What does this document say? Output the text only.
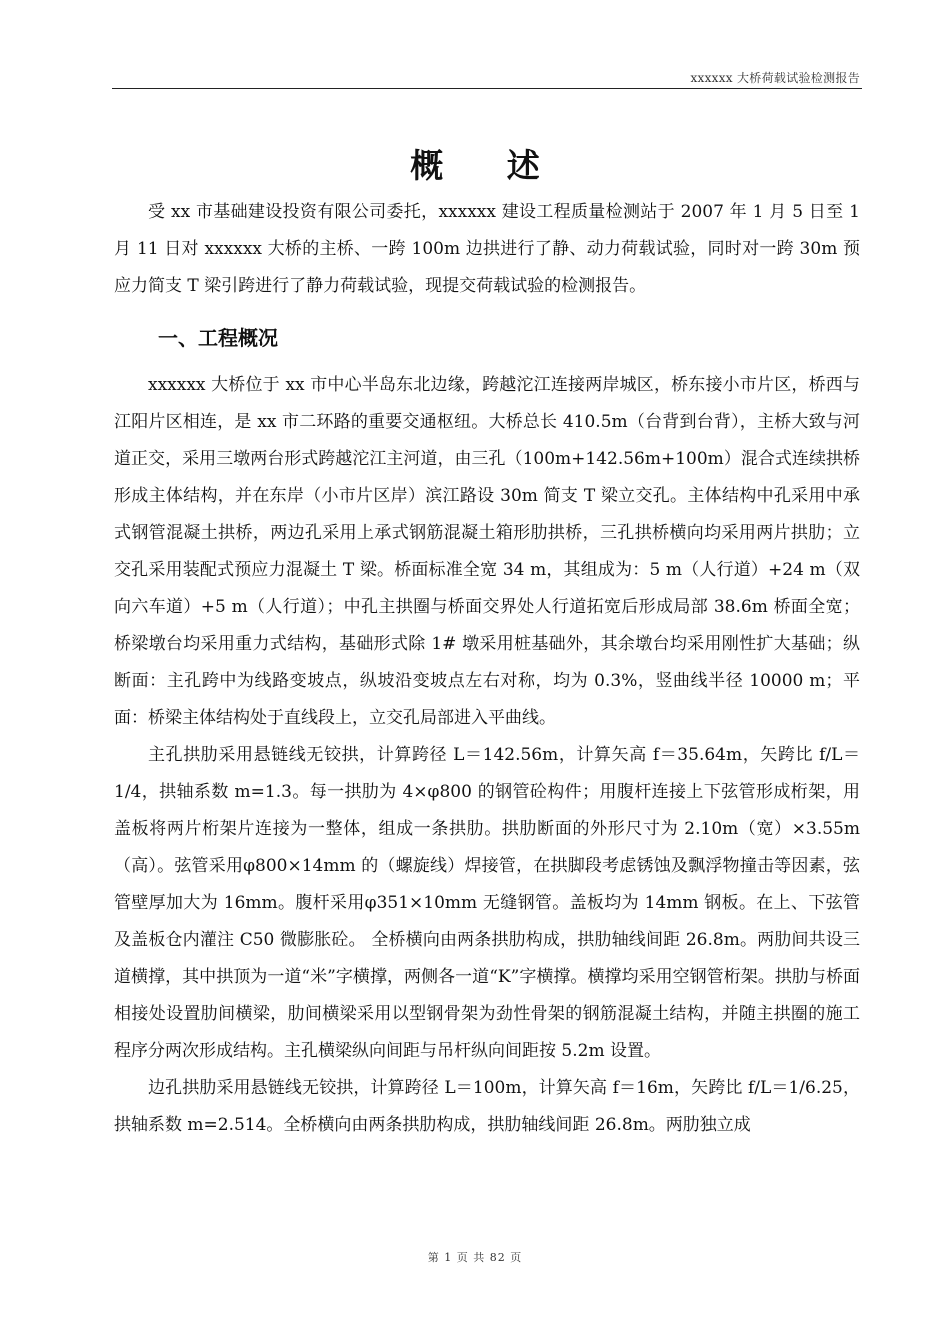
xxxxxx 大桥荷载试验检测报告
概 述

受 xx 市基础建设投资有限公司委托，xxxxxx 建设工程质量检测站于 2007 年 1 月 5 日至 1 月 11 日对 xxxxxx 大桥的主桥、一跨 100m 边拱进行了静、动力荷载试验，同时对一跨 30m 预应力简支 T 梁引跨进行了静力荷载试验，现提交荷载试验的检测报告。

一、工程概况

xxxxxx 大桥位于 xx 市中心半岛东北边缘，跨越沱江连接两岸城区，桥东接小市片区，桥西与江阳片区相连，是 xx 市二环路的重要交通枢纽。大桥总长 410.5m（台背到台背），主桥大致与河道正交，采用三墩两台形式跨越沱江主河道，由三孔（100m+142.56m+100m）混合式连续拱桥形成主体结构，并在东岸（小市片区岸）滨江路设 30m 简支 T 梁立交孔。主体结构中孔采用中承式钢管混凝土拱桥，两边孔采用上承式钢筋混凝土箱形肋拱桥，三孔拱桥横向均采用两片拱肋；立交孔采用装配式预应力混凝土 T 梁。桥面标准全宽 34 m，其组成为：5 m（人行道）+24 m（双向六车道）+5 m（人行道）；中孔主拱圈与桥面交界处人行道拓宽后形成局部 38.6m 桥面全宽；桥梁墩台均采用重力式结构，基础形式除 1# 墩采用桩基础外，其余墩台均采用刚性扩大基础；纵断面：主孔跨中为线路变坡点，纵坡沿变坡点左右对称，均为 0.3%，竖曲线半径 10000 m；平面：桥梁主体结构处于直线段上，立交孔局部进入平曲线。

主孔拱肋采用悬链线无铰拱，计算跨径 L＝142.56m，计算矢高 f＝35.64m，矢跨比 f/L＝1/4，拱轴系数 m=1.3。每一拱肋为 4×φ800 的钢管砼构件；用腹杆连接上下弦管形成桁架，用盖板将两片桁架片连接为一整体，组成一条拱肋。拱肋断面的外形尺寸为 2.10m（宽）×3.55m（高）。弦管采用φ800×14mm 的（螺旋线）焊接管，在拱脚段考虑锈蚀及飘浮物撞击等因素，弦管壁厚加大为 16mm。腹杆采用φ351×10mm 无缝钢管。盖板均为 14mm 钢板。在上、下弦管及盖板仓内灌注 C50 微膨胀砼。 全桥横向由两条拱肋构成，拱肋轴线间距 26.8m。两肋间共设三道横撑，其中拱顶为一道“米”字横撑，两侧各一道“K”字横撑。横撑均采用空钢管桁架。拱肋与桥面相接处设置肋间横梁，肋间横梁采用以型钢骨架为劲性骨架的钢筋混凝土结构，并随主拱圈的施工程序分两次形成结构。主孔横梁纵向间距与吊杆纵向间距按 5.2m 设置。

边孔拱肋采用悬链线无铰拱，计算跨径 L＝100m，计算矢高 f＝16m，矢跨比 f/L＝1/6.25，拱轴系数 m=2.514。全桥横向由两条拱肋构成，拱肋轴线间距 26.8m。两肋独立成

第 1 页 共 82 页
